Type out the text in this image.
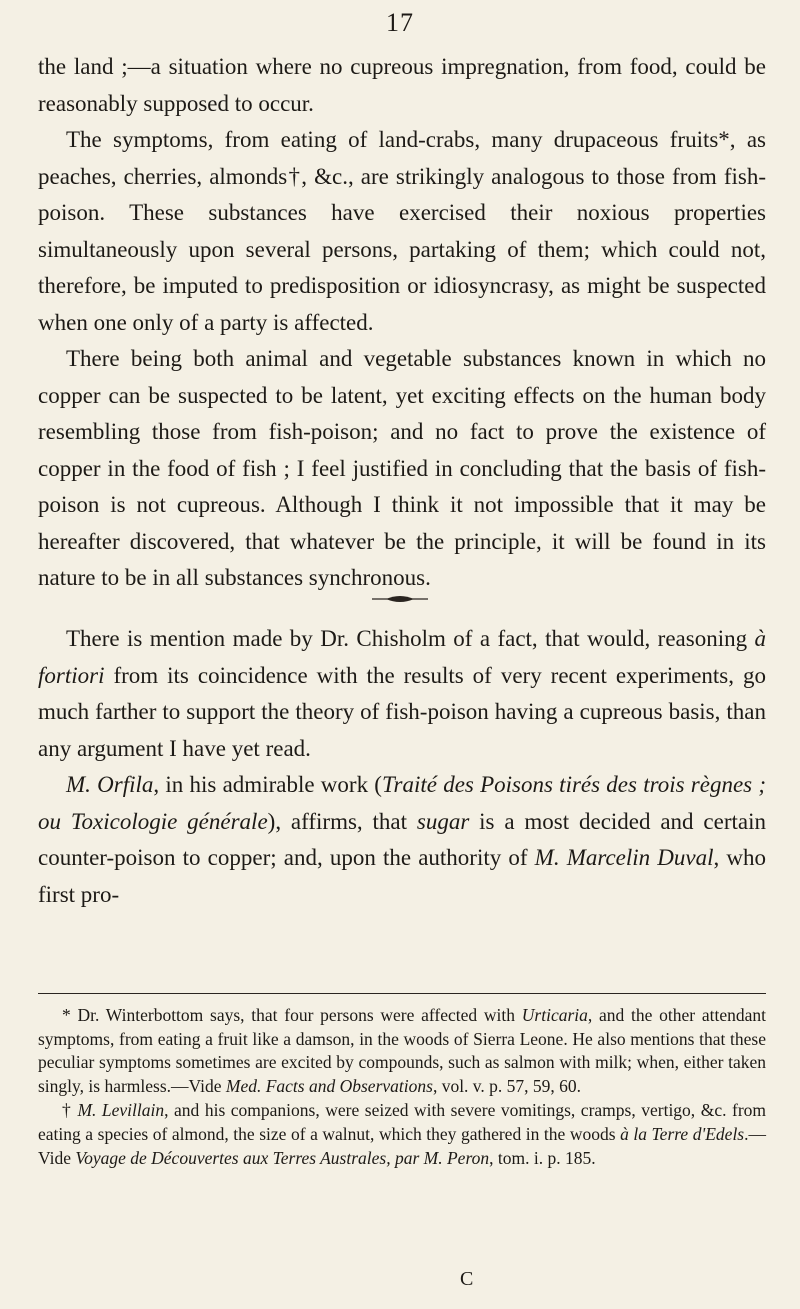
17

the land ;—a situation where no cupreous impregnation, from food, could be reasonably supposed to occur.

The symptoms, from eating of land-crabs, many drupaceous fruits*, as peaches, cherries, almonds†, &c., are strikingly analogous to those from fish-poison. These substances have exercised their noxious properties simultaneously upon several persons, partaking of them; which could not, therefore, be imputed to predisposition or idiosyncrasy, as might be suspected when one only of a party is affected.

There being both animal and vegetable substances known in which no copper can be suspected to be latent, yet exciting effects on the human body resembling those from fish-poison; and no fact to prove the existence of copper in the food of fish ; I feel justified in concluding that the basis of fish-poison is not cupreous. Although I think it not impossible that it may be hereafter discovered, that whatever be the principle, it will be found in its nature to be in all substances synchronous.

There is mention made by Dr. Chisholm of a fact, that would, reasoning à fortiori from its coincidence with the results of very recent experiments, go much farther to support the theory of fish-poison having a cupreous basis, than any argument I have yet read.

M. Orfila, in his admirable work (Traité des Poisons tirés des trois règnes ; ou Toxicologie générale), affirms, that sugar is a most decided and certain counter-poison to copper; and, upon the authority of M. Marcelin Duval, who first pro-

* Dr. Winterbottom says, that four persons were affected with Urticaria, and the other attendant symptoms, from eating a fruit like a damson, in the woods of Sierra Leone. He also mentions that these peculiar symptoms sometimes are excited by compounds, such as salmon with milk; when, either taken singly, is harmless.—Vide Med. Facts and Observations, vol. v. p. 57, 59, 60.

† M. Levillain, and his companions, were seized with severe vomitings, cramps, vertigo, &c. from eating a species of almond, the size of a walnut, which they gathered in the woods à la Terre d'Edels.—Vide Voyage de Découvertes aux Terres Australes, par M. Peron, tom. i. p. 185.

C
